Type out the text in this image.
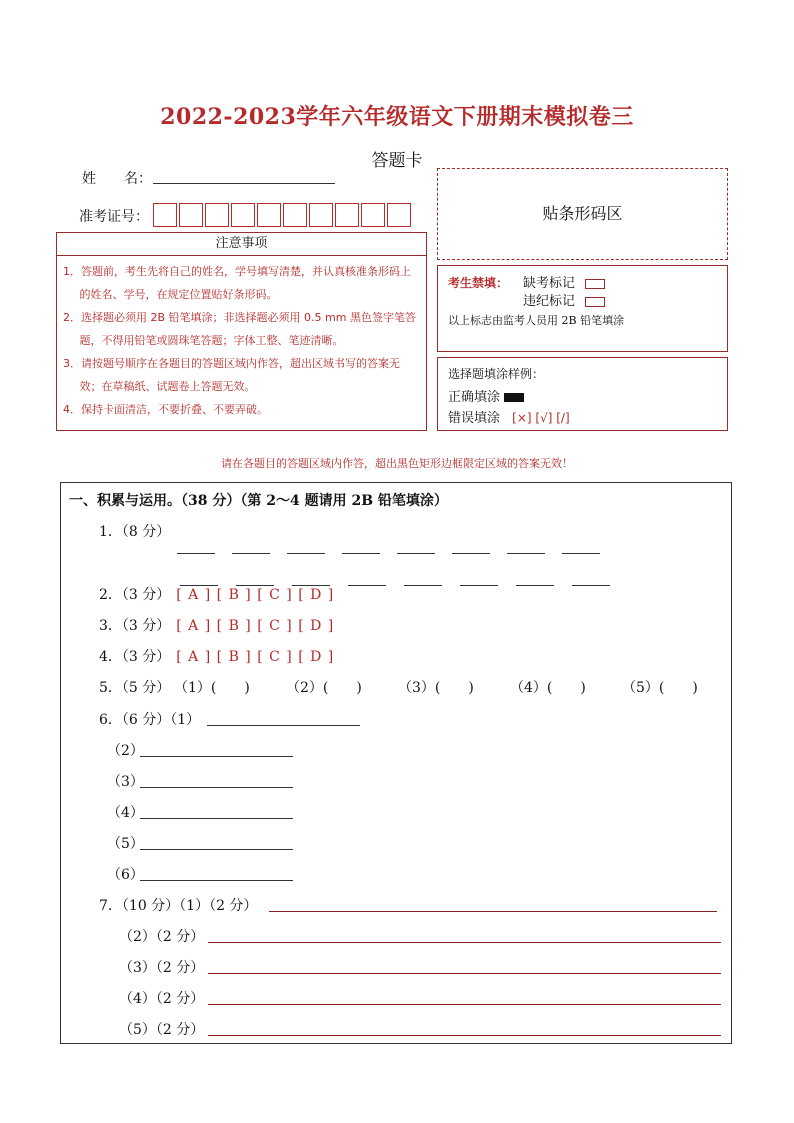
2022-2023学年六年级语文下册期末模拟卷三
答题卡
姓　　名：
准考证号：	贴条形码区
注意事项

1．答题前，考生先将自己的姓名，学号填写清楚，并认真核准条形码上的姓名、学号，在规定位置贴好条形码。

2．选择题必须用 2B 铅笔填涂；非选择题必须用 0.5 mm 黑色签字笔答题，不得用铅笔或圆珠笔答题；字体工整、笔迹清晰。

3．请按题号顺序在各题目的答题区域内作答，超出区域书写的答案无效；在草稿纸、试题卷上答题无效。

4．保持卡面清洁，不要折叠、不要弄破。

考生禁填： 缺考标记
违纪标记
以上标志由监考人员用 2B 铅笔填涂
选择题填涂样例：
正确填涂
错误填涂 [×] [√] [/]
请在各题目的答题区域内作答，超出黑色矩形边框限定区域的答案无效！
一、积累与运用。（38 分）（第 2～4 题请用 2B 铅笔填涂）
1．（8 分）
2．（3 分） [ A ] [ B ] [ C ] [ D ]
3．（3 分） [ A ] [ B ] [ C ] [ D ]
4．（3 分） [ A ] [ B ] [ C ] [ D ]
5．（5 分） （1）(　　)	（2）(　　)	（3）(　　)	（4）(　　)	（5）(　　)
6．（6 分）（1）
（2）
（3）
（4）
（5）
（6）
7．（10 分）（1）（2 分）
（2）（2 分）
（3）（2 分）
（4）（2 分）
（5）（2 分）
